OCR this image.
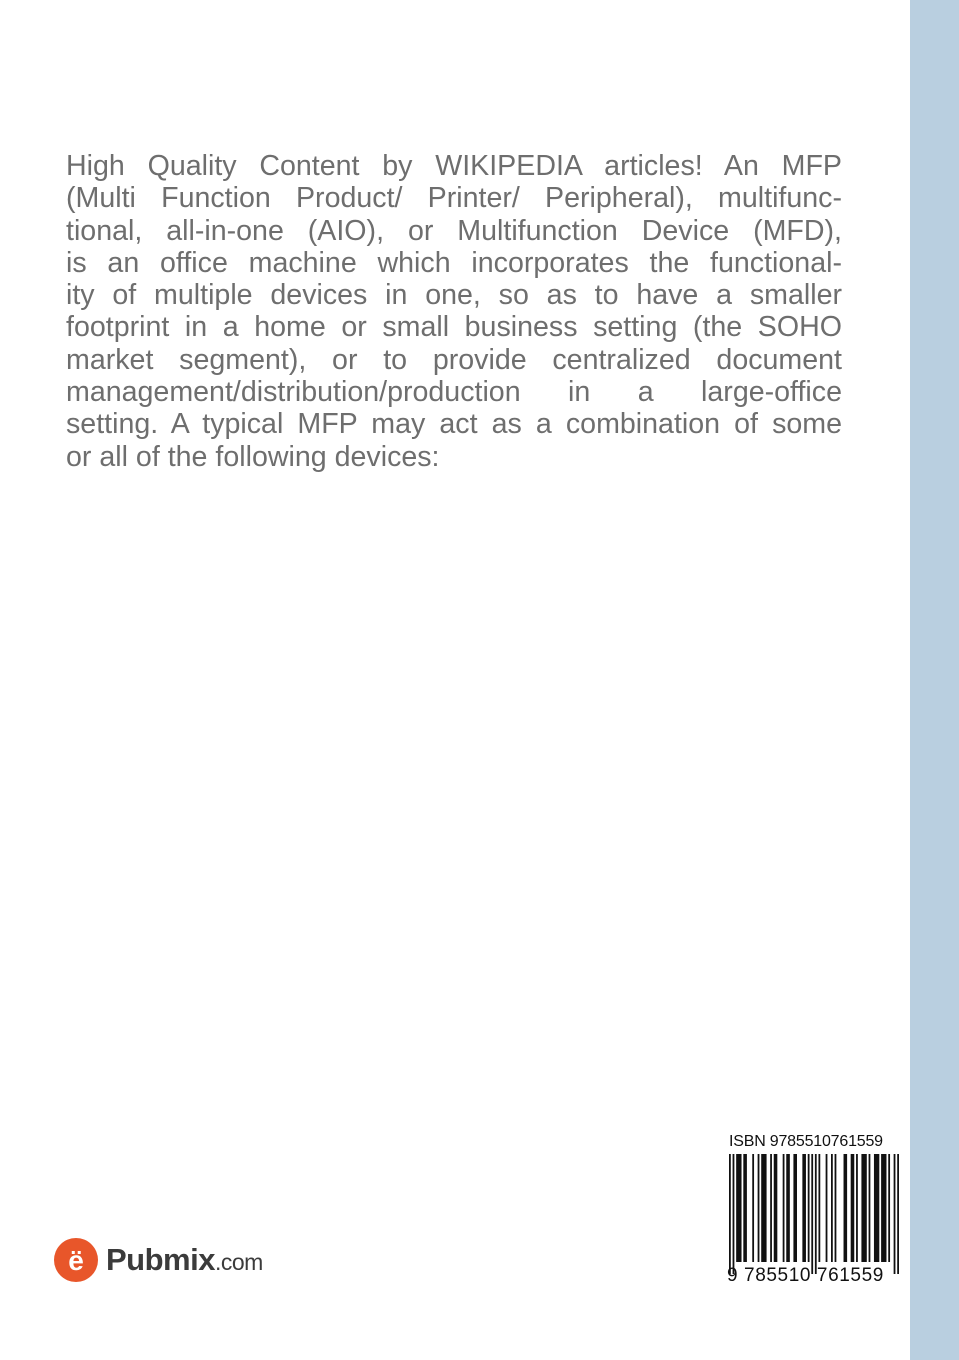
High Quality Content by WIKIPEDIA articles! An MFP
(Multi Function Product/ Printer/ Peripheral), multifunc-
tional, all-in-one (AIO), or Multifunction Device (MFD),
is an office machine which incorporates the functional-
ity of multiple devices in one, so as to have a smaller
footprint in a home or small business setting (the SOHO
market segment), or to provide centralized document
management/distribution/production in a large-office
setting. A typical MFP may act as a combination of some
or all of the following devices:

ISBN 9785510761559
9 785510 761559
ë Pubmix.com
